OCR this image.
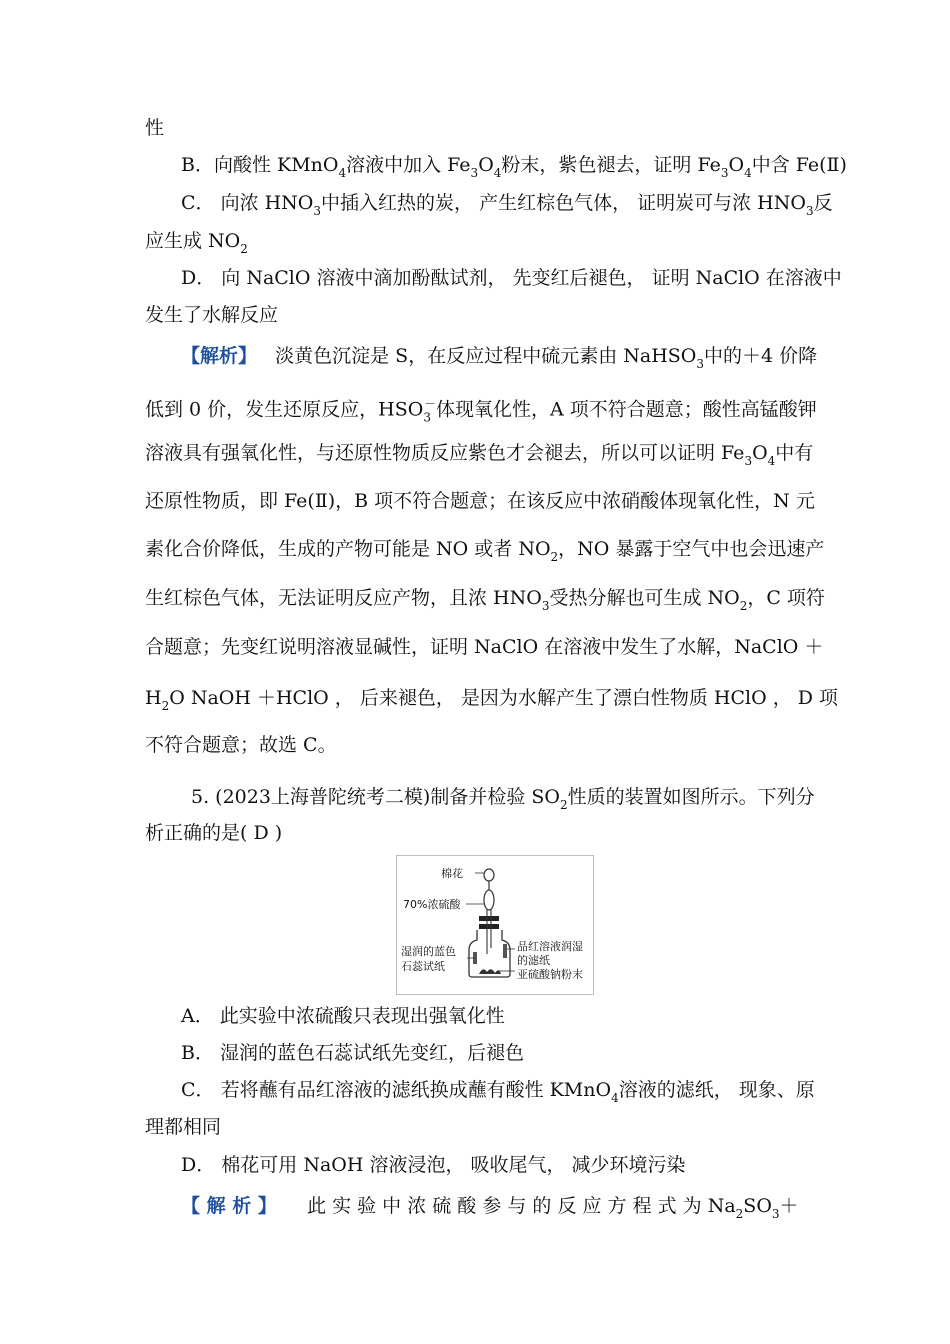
性
B．向酸性 KMnO$_4$溶液中加入 $Fe_3O_4$粉末，紫色褪去，证明 $Fe_3O_4$中含 Fe(Ⅱ)
C． 向浓 $HNO_3$中插入红热的炭， 产生红棕色气体， 证明炭可与浓 $HNO_3$反
应生成 $NO_2$
D． 向 NaClO 溶液中滴加酚酞试剂， 先变红后褪色， 证明 NaClO 在溶液中
发生了水解反应
【解析】 淡黄色沉淀是 S，在反应过程中硫元素由 NaHSO$_3$中的＋4 价降
低到 0 价，发生还原反应，$HSO_3^-$体现氧化性，A 项不符合题意；酸性高锰酸钾
溶液具有强氧化性，与还原性物质反应紫色才会褪去，所以可以证明 $Fe_3O_4$中有
还原性物质，即 Fe(Ⅱ)，B 项不符合题意；在该反应中浓硝酸体现氧化性，N 元
素化合价降低，生成的产物可能是 NO 或者 $NO_2$，NO 暴露于空气中也会迅速产
生红棕色气体，无法证明反应产物，且浓 $HNO_3$受热分解也可生成 $NO_2$，C 项符
合题意；先变红说明溶液显碱性，证明 NaClO 在溶液中发生了水解，NaClO ＋
$H_2O$ NaOH ＋HClO ， 后来褪色， 是因为水解产生了漂白性物质 HClO ， D 项
不符合题意；故选 C。
5. (2023上海普陀统考二模)制备并检验 $SO_2$性质的装置如图所示。下列分
析正确的是( D )
棉花
70%浓硫酸
湿润的蓝色
石蕊试纸
品红溶液润湿
的滤纸
亚硫酸钠粉末
A． 此实验中浓硫酸只表现出强氧化性
B． 湿润的蓝色石蕊试纸先变红，后褪色
C． 若将蘸有品红溶液的滤纸换成蘸有酸性 KMnO$_4$溶液的滤纸， 现象、原
理都相同
D． 棉花可用 NaOH 溶液浸泡， 吸收尾气， 减少环境污染
【 解 析 】 此 实 验 中 浓 硫 酸 参 与 的 反 应 方 程 式 为 $Na_2SO_3+$
